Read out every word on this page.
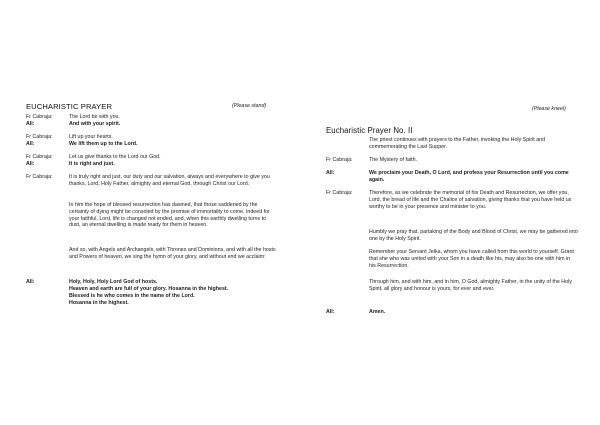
EUCHARISTIC PRAYER	(Please stand)
Fr Cabraja:	The Lord be with you.
All:	And with your spirit.
Fr Cabraja:	Lift up your hearts.
All:	We lift them up to the Lord.
Fr Cabraja:	Let us give thanks to the Lord our God.
All:	It is right and just.
Fr Cabraja:	It is truly right and just, our duty and our salvation, always and everywhere to give you thanks, Lord, Holy Father, almighty and eternal God, through Christ our Lord.
In him the hope of blessed resurrection has dawned, that those saddened by the certainty of dying might be consoled by the promise of immortality to come. Indeed for your faithful, Lord, life is changed not ended, and, when this earthly dwelling turns to dust, an eternal dwelling is made ready for them in heaven.
And so, with Angels and Archangels, with Thrones and Dominions, and with all the hosts and Powers of heaven, we sing the hymn of your glory, and without end we acclaim:
All:	Holy, Holy, Holy Lord God of hosts.
Heaven and earth are full of your glory. Hosanna in the highest.
Blessed is he who comes in the name of the Lord.
Hosanna in the highest.
(Please kneel)
Eucharistic Prayer No. II
The priest continues with prayers to the Father, invoking the Holy Spirit and commemorating the Last Supper.
Fr Cabraja:	The Mystery of faith.
All:	We proclaim your Death, O Lord, and profess your Resurrection until you come again.
Fr Cabraja:	Therefore, as we celebrate the memorial of his Death and Resurrection, we offer you, Lord, the bread of life and the Chalice of salvation, giving thanks that you have held us worthy to be in your presence and minister to you.
Humbly we pray that, partaking of the Body and Blood of Christ, we may be gathered into one by the Holy Spirit.
Remember your Servant Jelka, whom you have called from this world to yourself. Grant that she who was united with your Son in a death like his, may also be one with him in his Resurrection.
Through him, and with him, and in him, O God, almighty Father, in the unity of the Holy Spirit, all glory and honour is yours, for ever and ever.
All:	Amen.
